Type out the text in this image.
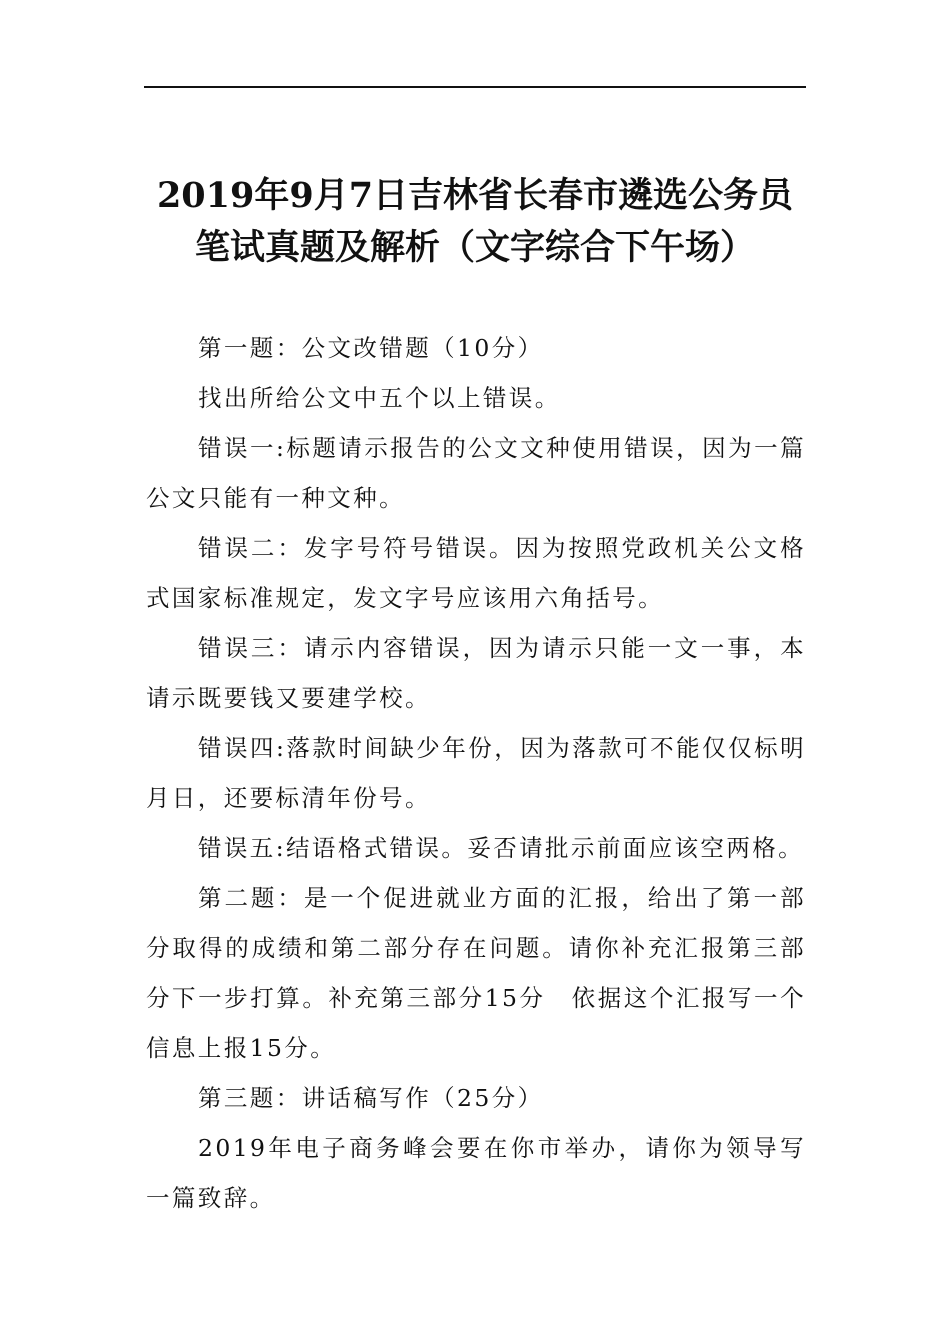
2019年9月7日吉林省长春市遴选公务员
笔试真题及解析（文字综合下午场）

第一题：公文改错题（10分）

找出所给公文中五个以上错误。

错误一:标题请示报告的公文文种使用错误，因为一篇公文只能有一种文种。

错误二：发字号符号错误。因为按照党政机关公文格式国家标准规定，发文字号应该用六角括号。

错误三：请示内容错误，因为请示只能一文一事，本请示既要钱又要建学校。

错误四:落款时间缺少年份，因为落款可不能仅仅标明月日，还要标清年份号。

错误五:结语格式错误。妥否请批示前面应该空两格。

第二题：是一个促进就业方面的汇报，给出了第一部分取得的成绩和第二部分存在问题。请你补充汇报第三部分下一步打算。补充第三部分15分　依据这个汇报写一个信息上报15分。

第三题：讲话稿写作（25分）

2019年电子商务峰会要在你市举办，请你为领导写一篇致辞。
